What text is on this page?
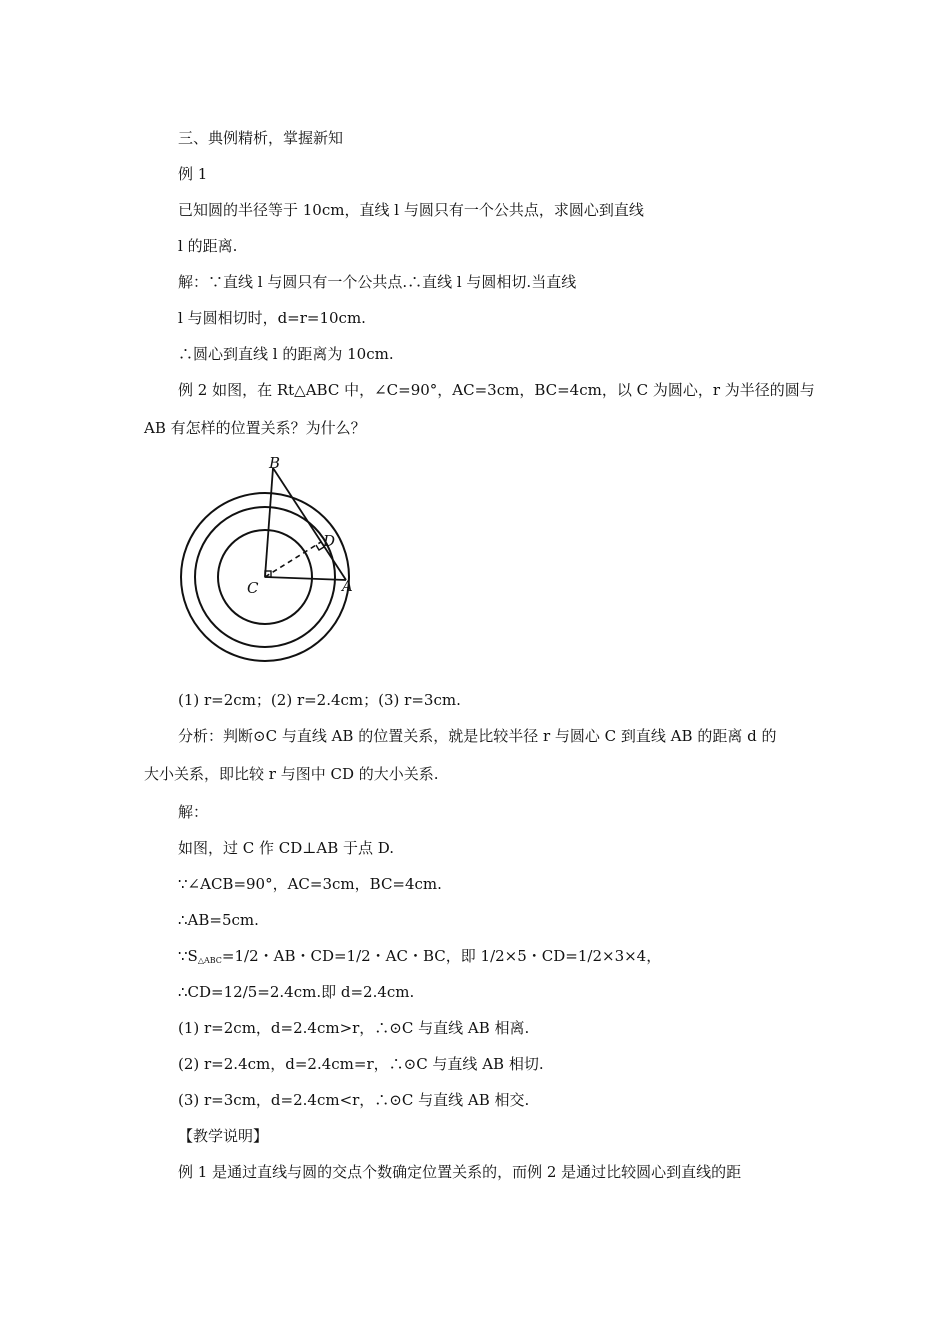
三、典例精析，掌握新知
例 1
已知圆的半径等于 10cm，直线 l 与圆只有一个公共点，求圆心到直线
l 的距离.
解：∵直线 l 与圆只有一个公共点.∴直线 l 与圆相切.当直线
l 与圆相切时，d=r=10cm.
∴圆心到直线 l 的距离为 10cm.
例 2 如图，在 Rt△ABC 中，∠C=90°，AC=3cm，BC=4cm，以 C 为圆心，r 为半径的圆与
AB 有怎样的位置关系？为什么？
B
C	A
D
(1) r=2cm；(2) r=2.4cm；(3) r=3cm.
分析：判断⊙C 与直线 AB 的位置关系，就是比较半径 r 与圆心 C 到直线 AB 的距离 d 的
大小关系，即比较 r 与图中 CD 的大小关系.
解：
如图，过 C 作 CD⊥AB 于点 D.
∵∠ACB=90°，AC=3cm，BC=4cm.
∴AB=5cm.
$\because S_{\triangle ABC}=1/2$・AB・CD=1/2・AC・BC，即 1/2×5・CD=1/2×3×4，
∴CD=12/5=2.4cm.即 d=2.4cm.
(1) r=2cm，d=2.4cm>r，∴⊙C 与直线 AB 相离.
(2) r=2.4cm，d=2.4cm=r，∴⊙C 与直线 AB 相切.
(3) r=3cm，d=2.4cm<r，∴⊙C 与直线 AB 相交.
【教学说明】
例 1 是通过直线与圆的交点个数确定位置关系的，而例 2 是通过比较圆心到直线的距
